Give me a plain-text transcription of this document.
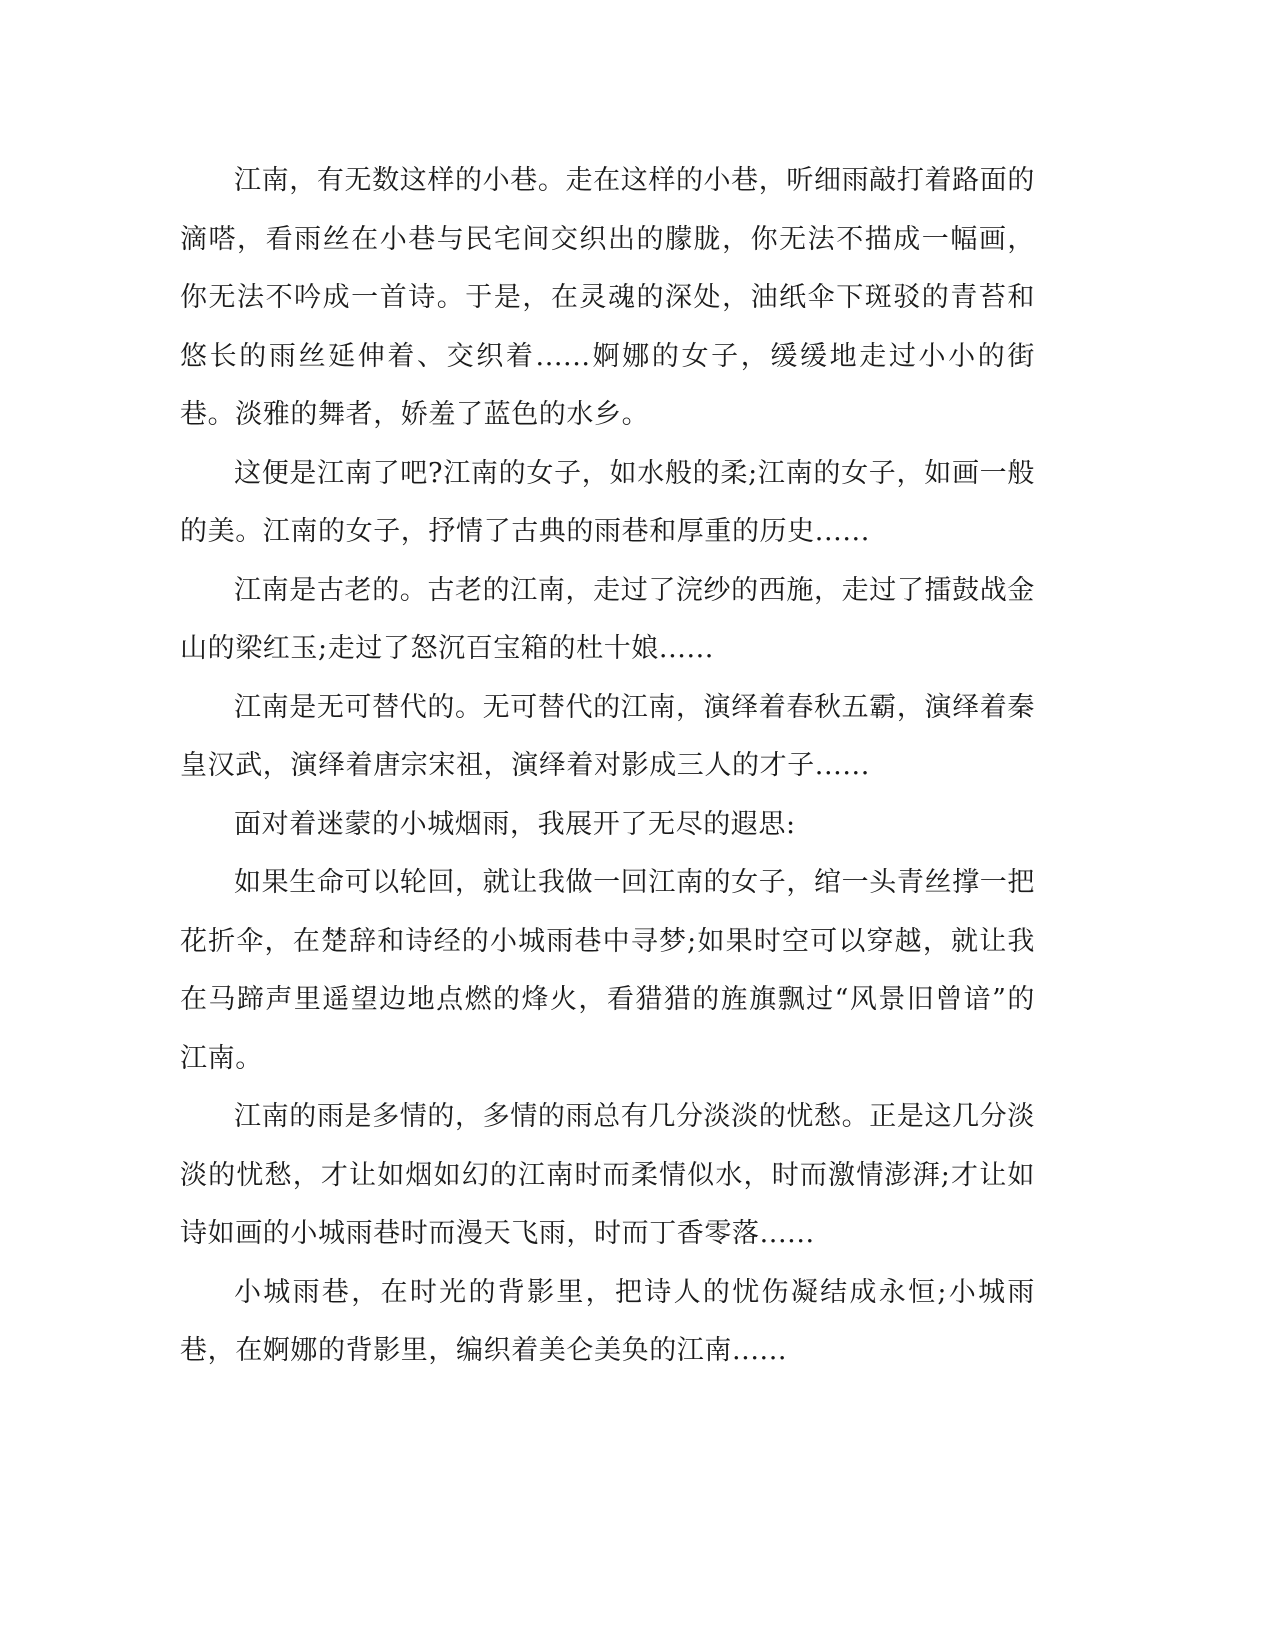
江南，有无数这样的小巷。走在这样的小巷，听细雨敲打着路面的滴嗒，看雨丝在小巷与民宅间交织出的朦胧，你无法不描成一幅画，你无法不吟成一首诗。于是，在灵魂的深处，油纸伞下斑驳的青苔和悠长的雨丝延伸着、交织着......婀娜的女子，缓缓地走过小小的街巷。淡雅的舞者，娇羞了蓝色的水乡。

这便是江南了吧?江南的女子，如水般的柔;江南的女子，如画一般的美。江南的女子，抒情了古典的雨巷和厚重的历史......

江南是古老的。古老的江南，走过了浣纱的西施，走过了擂鼓战金山的梁红玉;走过了怒沉百宝箱的杜十娘......

江南是无可替代的。无可替代的江南，演绎着春秋五霸，演绎着秦皇汉武，演绎着唐宗宋祖，演绎着对影成三人的才子......

面对着迷蒙的小城烟雨，我展开了无尽的遐思:

如果生命可以轮回，就让我做一回江南的女子，绾一头青丝撑一把花折伞，在楚辞和诗经的小城雨巷中寻梦;如果时空可以穿越，就让我在马蹄声里遥望边地点燃的烽火，看猎猎的旌旗飘过“风景旧曾谙”的江南。

江南的雨是多情的，多情的雨总有几分淡淡的忧愁。正是这几分淡淡的忧愁，才让如烟如幻的江南时而柔情似水，时而激情澎湃;才让如诗如画的小城雨巷时而漫天飞雨，时而丁香零落......

小城雨巷，在时光的背影里，把诗人的忧伤凝结成永恒;小城雨巷，在婀娜的背影里，编织着美仑美奂的江南......
